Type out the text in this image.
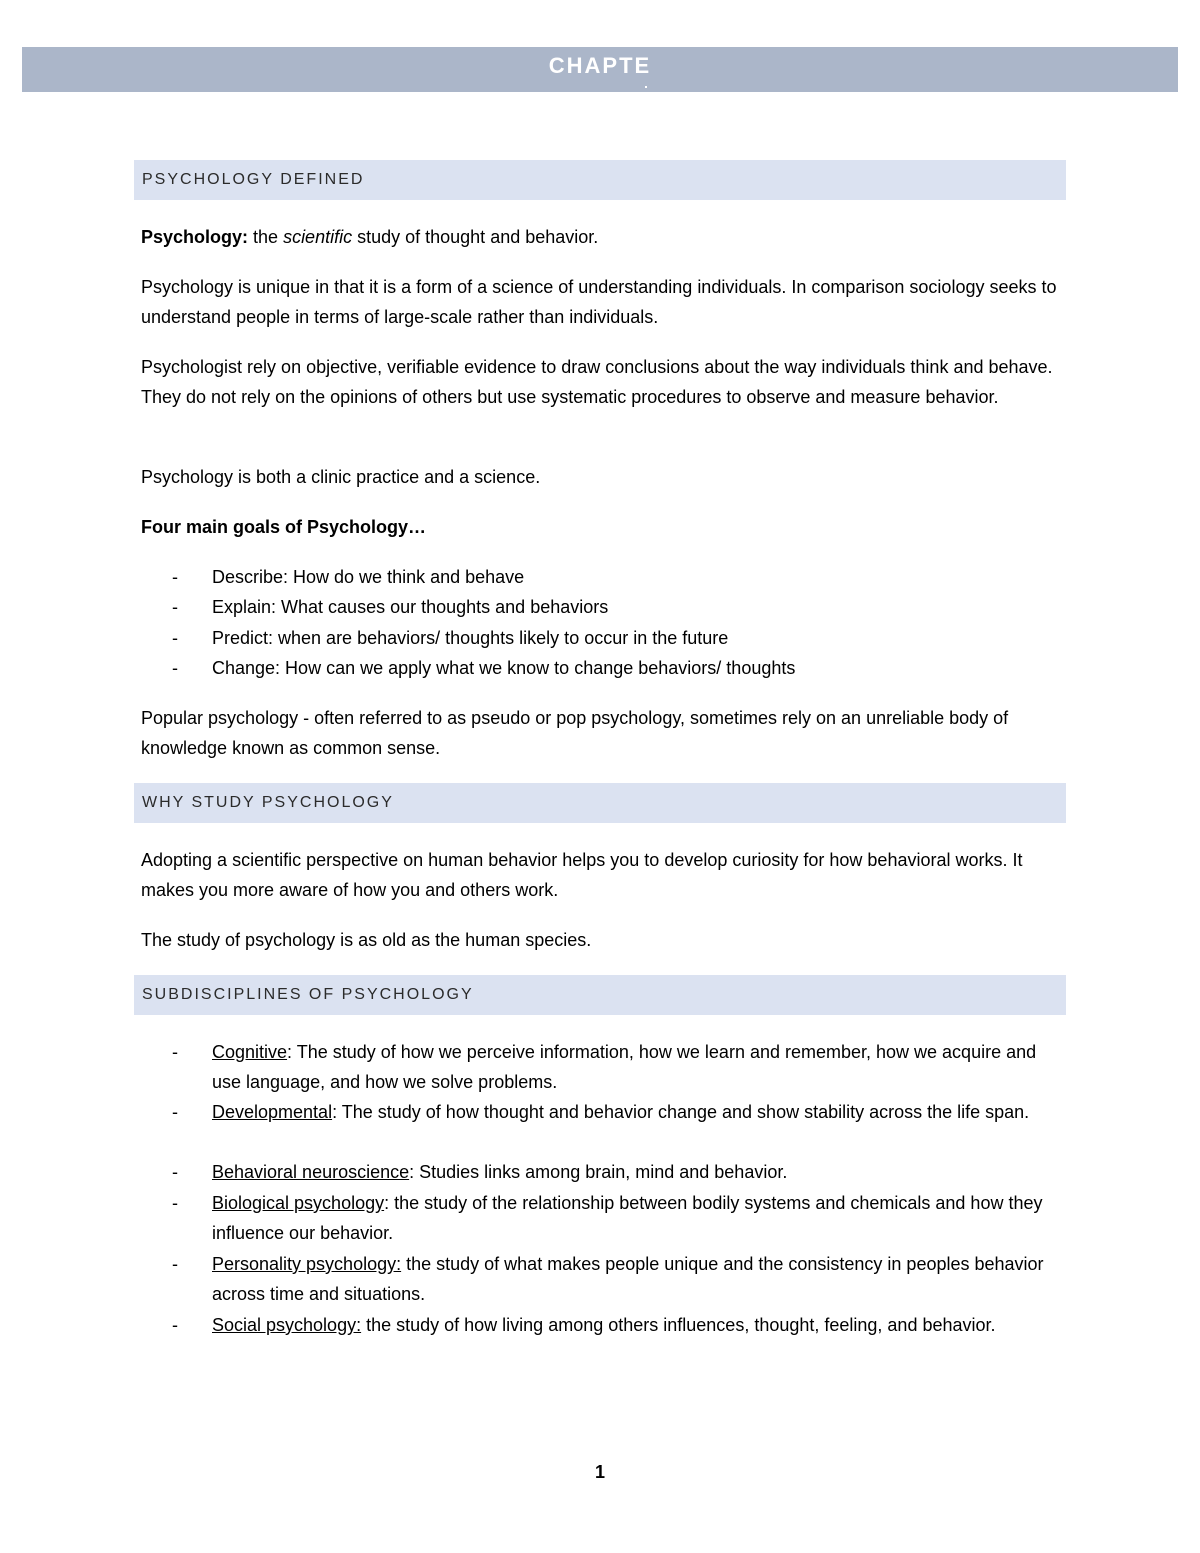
CHAPTE
PSYCHOLOGY DEFINED

Psychology: the scientific study of thought and behavior.

Psychology is unique in that it is a form of a science of understanding individuals. In comparison sociology seeks to understand people in terms of large-scale rather than individuals.

Psychologist rely on objective, verifiable evidence to draw conclusions about the way individuals think and behave. They do not rely on the opinions of others but use systematic procedures to observe and measure behavior.

Psychology is both a clinic practice and a science.

Four main goals of Psychology…

- Describe: How do we think and behave
- Explain: What causes our thoughts and behaviors
- Predict: when are behaviors/ thoughts likely to occur in the future
- Change: How can we apply what we know to change behaviors/ thoughts

Popular psychology - often referred to as pseudo or pop psychology, sometimes rely on an unreliable body of knowledge known as common sense.

WHY STUDY PSYCHOLOGY

Adopting a scientific perspective on human behavior helps you to develop curiosity for how behavioral works. It makes you more aware of how you and others work.

The study of psychology is as old as the human species.

SUBDISCIPLINES OF PSYCHOLOGY
- Cognitive: The study of how we perceive information, how we learn and remember, how we acquire and use language, and how we solve problems.
- Developmental: The study of how thought and behavior change and show stability across the life span.
- Behavioral neuroscience: Studies links among brain, mind and behavior.
- Biological psychology: the study of the relationship between bodily systems and chemicals and how they influence our behavior.
- Personality psychology: the study of what makes people unique and the consistency in peoples behavior across time and situations.
- Social psychology: the study of how living among others influences, thought, feeling, and behavior.
1
